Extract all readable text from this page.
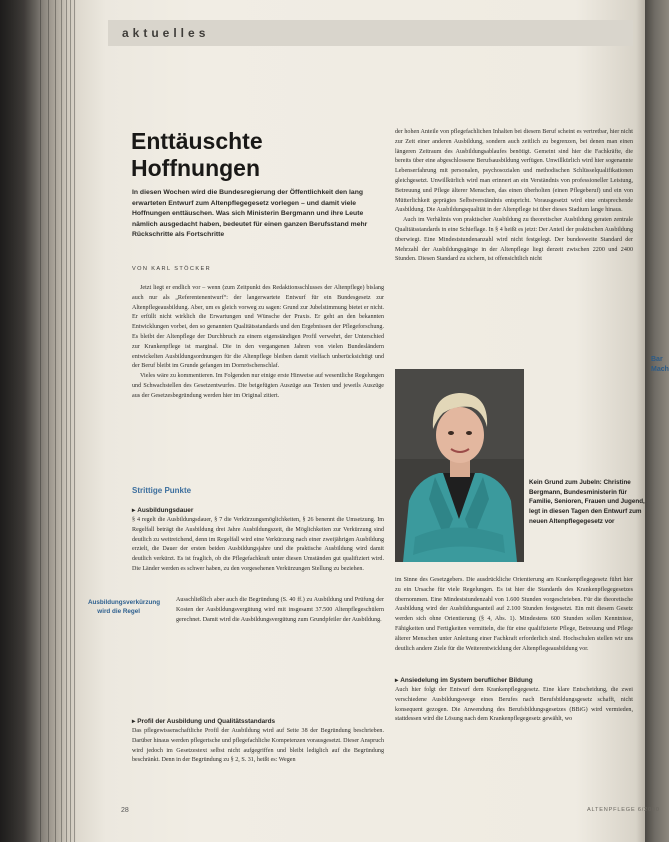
Bar
Mach
aktuelles
Enttäuschte
Hoffnungen
In diesen Wochen wird die Bundesregierung der Öffentlichkeit den lang erwarteten Entwurf zum Altenpflegegesetz vorlegen – und damit viele Hoffnungen enttäuschen. Was sich Ministerin Bergmann und ihre Leute nämlich ausgedacht haben, bedeutet für einen ganzen Berufsstand mehr Rückschritte als Fortschritte
VON KARL STÖCKER

Jetzt liegt er endlich vor – wenn (zum Zeitpunkt des Redaktionsschlusses der Altenpflege) bislang auch nur als „Referentenentwurf“: der langerwartete Entwurf für ein Bundesgesetz zur Altenpflegeausbildung. Aber, um es gleich vorweg zu sagen: Grund zur Jubelstimmung bietet er nicht. Er erfüllt nicht wirklich die Erwartungen und Wünsche der Praxis. Er geht an den bekannten Entwicklungen vorbei, den so genannten Qualitätsstandards und den Ergebnissen der Pflegeforschung. Es bleibt der Altenpflege der Durchbruch zu einem eigenständigen Profil verwehrt, der Unterschied zur Krankenpflege ist marginal. Die in den vergangenen Jahren von vielen Bundesländern entwickelten Ausbildungsordnungen für die Altenpflege bleiben damit vielfach unberücksichtigt und der Beruf bleibt im Grunde gefangen im Dornröschenschlaf.

Vieles wäre zu kommentieren. Im Folgenden nur einige erste Hinweise auf wesentliche Regelungen und Schwachstellen des Gesetzentwurfes. Die beigefügten Auszüge aus Texten und jeweils Auszüge aus der Gesetzesbegründung werden hier im Original zitiert.

Strittige Punkte
▸ Ausbildungsdauer
§ 4 regelt die Ausbildungsdauer, § 7 die Verkürzungsmöglichkeiten, § 26 benennt die Umsetzung. Im Regelfall beträgt die Ausbildung drei Jahre Ausbildungszeit, die Möglichkeiten zur Verkürzung sind deutlich zu weitreichend, denn im Regelfall wird eine Verkürzung nach einer zweijährigen Ausbildung erzielt, die Dauer der ersten beiden Ausbildungsjahre und die praktische Ausbildung wird damit deutlich verkürzt. Es ist fraglich, ob die Pflegefachkraft unter diesen Umständen gut qualifiziert wird. Die Länder werden es schwer haben, zu den vorgesehenen Verkürzungen Stellung zu beziehen.
Ausbildungsverkürzung wird die Regel
Ausschließlich aber auch die Begründung (S. 40 ff.) zu Ausbildung und Prüfung der Kosten der Ausbildungsvergütung wird mit insgesamt 37.500 Altenpflegeschülern gerechnet. Damit wird die Ausbildungsvergütung zum Grundpfeiler der Ausbildung.
▸ Profil der Ausbildung und Qualitätsstandards
Das pflegewissenschaftliche Profil der Ausbildung wird auf Seite 38 der Begründung beschrieben. Darüber hinaus werden pflegerische und pflegefachliche Kompetenzen vorausgesetzt. Dieser Anspruch wird jedoch im Gesetzestext selbst nicht aufgegriffen und bleibt lediglich auf die Begründung beschränkt. Denn in der Begründung zu § 2, S. 31, heißt es: Wegen

der hohen Anteile von pflegefachlichen Inhalten bei diesem Beruf scheint es vertretbar, hier nicht zur Zeit einer anderen Ausbildung, sondern auch zeitlich zu begrenzen, bei denen man einen längeren Zeitraum des Ausbildungsablaufes benötigt. Gemeint sind hier die Fachkräfte, die bereits über eine abgeschlossene Berufsausbildung verfügen. Unwillkürlich wird hier sogenannte Lebenserfahrung mit personalen, psychosozialen und methodischen Schlüsselqualifikationen gleichgesetzt. Unwillkürlich wird man erinnert an ein Verständnis von professioneller Leistung, Betreuung und Pflege älterer Menschen, das einen überholten (einen Pflegeberuf) und ein von Mütterlichkeit geprägtes Selbstverständnis entspricht. Vorausgesetzt wird eine entsprechende Ausbildung. Die Ausbildungsqualität in der Altenpflege ist über dieses Stadium lange hinaus.

Auch im Verhältnis von praktischer Ausbildung zu theoretischer Ausbildung geraten zentrale Qualitätsstandards in eine Schieflage. In § 4 heißt es jetzt: Der Anteil der praktischen Ausbildung überwiegt. Eine Mindeststundenanzahl wird nicht festgelegt. Der bundesweite Standard der Mehrzahl der Ausbildungsgänge in der Altenpflege liegt derzeit zwischen 2200 und 2400 Stunden. Diesen Standard zu sichern, ist offensichtlich nicht

Kein Grund zum Jubeln: Christine Bergmann, Bundesministerin für Familie, Senioren, Frauen und Jugend, legt in diesen Tagen den Entwurf zum neuen Altenpflegegesetz vor
im Sinne des Gesetzgebers. Die ausdrückliche Orientierung am Krankenpflegegesetz führt hier zu ein Ursache für viele Regelungen. Es ist hier die Standards des Krankenpflegegesetzes übernommen. Eine Mindeststundenzahl von 1.600 Stunden vorgeschrieben. Für die theoretische Ausbildung wird der Ausbildungsanteil auf 2.100 Stunden festgesetzt. Ein mit diesem Gesetz werden sich ohne Orientierung (§ 4, Abs. 1). Mindestens 600 Stunden sollen Kenntnisse, Fähigkeiten und Fertigkeiten vermitteln, die für eine qualifizierte Pflege, Betreuung und Pflege älterer Menschen unter Anleitung einer Fachkraft erforderlich sind. Hochschulen stellen wir uns deutlich andere Ziele für die Weiterentwicklung der Altenpflegeausbildung vor.
▸ Ansiedelung im System beruflicher Bildung
Auch hier folgt der Entwurf dem Krankenpflegegesetz. Eine klare Entscheidung, die zwei verschiedene Ausbildungswege eines Berufes nach Berufsbildungsgesetz schafft, nicht konsequent gezogen. Die Anwendung des Berufsbildungsgesetzes (BBiG) wird vermieden, stattdessen wird die Lösung nach dem Krankenpflegegesetz gewählt, wo
28	ALTENPFLEGE 6/2000
